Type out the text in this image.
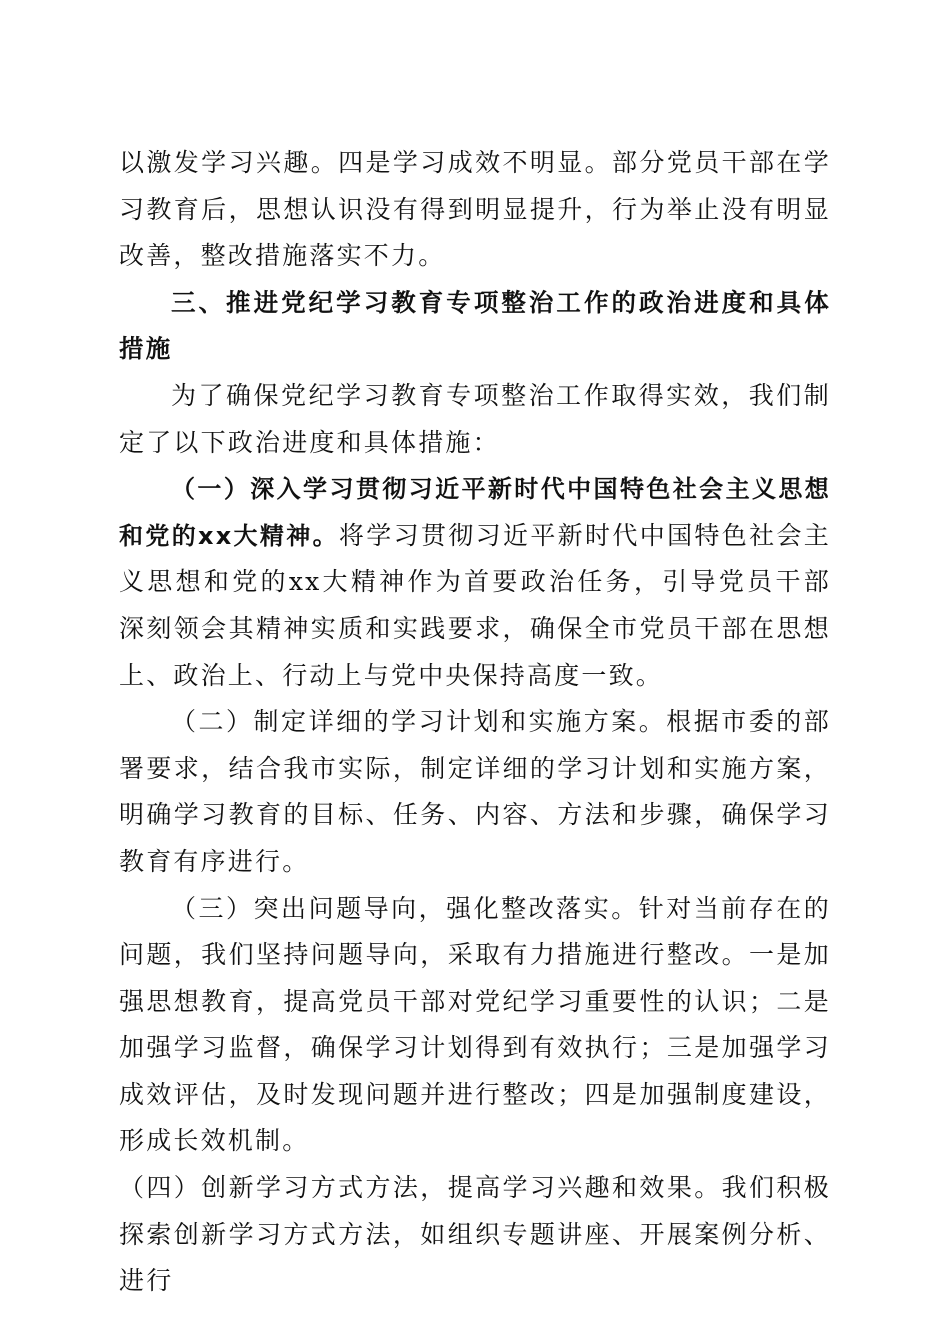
以激发学习兴趣。四是学习成效不明显。部分党员干部在学习教育后，思想认识没有得到明显提升，行为举止没有明显改善，整改措施落实不力。

三、推进党纪学习教育专项整治工作的政治进度和具体措施

为了确保党纪学习教育专项整治工作取得实效，我们制定了以下政治进度和具体措施：

（一）深入学习贯彻习近平新时代中国特色社会主义思想和党的xx大精神。将学习贯彻习近平新时代中国特色社会主义思想和党的xx大精神作为首要政治任务，引导党员干部深刻领会其精神实质和实践要求，确保全市党员干部在思想上、政治上、行动上与党中央保持高度一致。

（二）制定详细的学习计划和实施方案。根据市委的部署要求，结合我市实际，制定详细的学习计划和实施方案，明确学习教育的目标、任务、内容、方法和步骤，确保学习教育有序进行。

（三）突出问题导向，强化整改落实。针对当前存在的问题，我们坚持问题导向，采取有力措施进行整改。一是加强思想教育，提高党员干部对党纪学习重要性的认识；二是加强学习监督，确保学习计划得到有效执行；三是加强学习成效评估，及时发现问题并进行整改；四是加强制度建设，形成长效机制。

（四）创新学习方式方法，提高学习兴趣和效果。我们积极探索创新学习方式方法，如组织专题讲座、开展案例分析、进行
